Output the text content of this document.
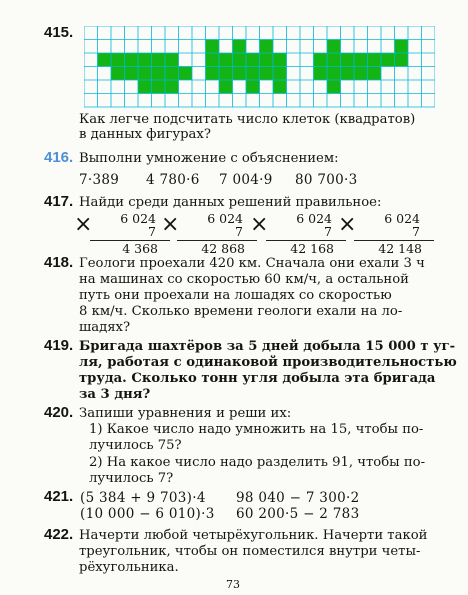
415.
Как легче подсчитать число клеток (квадратов)
в данных фигурах?
416. Выполни умножение с объяснением:
7·389 4 780·6 7 004·9 80 700·3
417. Найди среди данных решений правильное:
× 6 024
7
4 368
× 6 024
7
42 868
× 6 024
7
42 168
× 6 024
7
42 148
418. Геологи проехали 420 км. Сначала они ехали 3 ч
на машинах со скоростью 60 км/ч, а остальной
путь они проехали на лошадях со скоростью
8 км/ч. Сколько времени геологи ехали на ло-
шадях?
419. Бригада шахтёров за 5 дней добыла 15 000 т уг-
ля, работая с одинаковой производительностью
труда. Сколько тонн угля добыла эта бригада
за 3 дня?
420. Запиши уравнения и реши их:
1) Какое число надо умножить на 15, чтобы по-
лучилось 75?
2) На какое число надо разделить 91, чтобы по-
лучилось 7?
421. (5 384 + 9 703)·4 98 040 − 7 300·2
(10 000 − 6 010)·3 60 200·5 − 2 783
422. Начерти любой четырёхугольник. Начерти такой
треугольник, чтобы он поместился внутри четы-
рёхугольника.
73
